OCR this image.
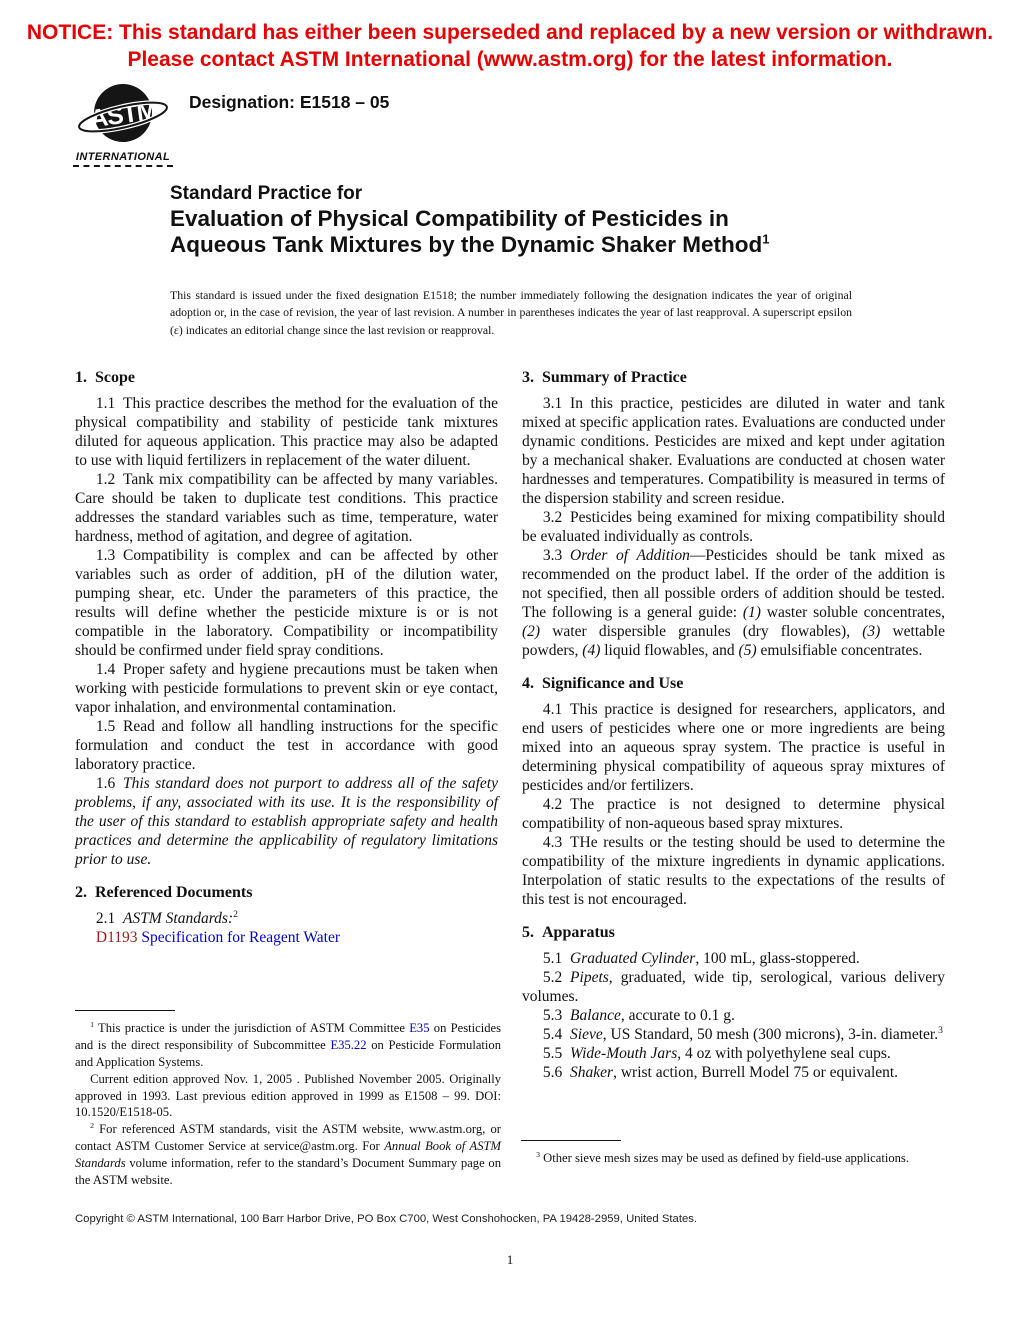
NOTICE: This standard has either been superseded and replaced by a new version or withdrawn.
Please contact ASTM International (www.astm.org) for the latest information.
ASTM
INTERNATIONAL
Designation: E1518 – 05
Standard Practice for
Evaluation of Physical Compatibility of Pesticides in
Aqueous Tank Mixtures by the Dynamic Shaker Method$^1$
This standard is issued under the fixed designation E1518; the number immediately following the designation indicates the year of original adoption or, in the case of revision, the year of last revision. A number in parentheses indicates the year of last reapproval. A superscript epsilon (ε) indicates an editorial change since the last revision or reapproval.
1. Scope

1.1 This practice describes the method for the evaluation of the physical compatibility and stability of pesticide tank mixtures diluted for aqueous application. This practice may also be adapted to use with liquid fertilizers in replacement of the water diluent.

1.2 Tank mix compatibility can be affected by many variables. Care should be taken to duplicate test conditions. This practice addresses the standard variables such as time, temperature, water hardness, method of agitation, and degree of agitation.

1.3 Compatibility is complex and can be affected by other variables such as order of addition, pH of the dilution water, pumping shear, etc. Under the parameters of this practice, the results will define whether the pesticide mixture is or is not compatible in the laboratory. Compatibility or incompatibility should be confirmed under field spray conditions.

1.4 Proper safety and hygiene precautions must be taken when working with pesticide formulations to prevent skin or eye contact, vapor inhalation, and environmental contamination.

1.5 Read and follow all handling instructions for the specific formulation and conduct the test in accordance with good laboratory practice.

1.6 This standard does not purport to address all of the safety problems, if any, associated with its use. It is the responsibility of the user of this standard to establish appropriate safety and health practices and determine the applicability of regulatory limitations prior to use.

2. Referenced Documents

2.1 ASTM Standards:$^2$

D1193 Specification for Reagent Water

3. Summary of Practice

3.1 In this practice, pesticides are diluted in water and tank mixed at specific application rates. Evaluations are conducted under dynamic conditions. Pesticides are mixed and kept under agitation by a mechanical shaker. Evaluations are conducted at chosen water hardnesses and temperatures. Compatibility is measured in terms of the dispersion stability and screen residue.

3.2 Pesticides being examined for mixing compatibility should be evaluated individually as controls.

3.3 Order of Addition—Pesticides should be tank mixed as recommended on the product label. If the order of the addition is not specified, then all possible orders of addition should be tested. The following is a general guide: (1) waster soluble concentrates, (2) water dispersible granules (dry flowables), (3) wettable powders, (4) liquid flowables, and (5) emulsifiable concentrates.

4. Significance and Use

4.1 This practice is designed for researchers, applicators, and end users of pesticides where one or more ingredients are being mixed into an aqueous spray system. The practice is useful in determining physical compatibility of aqueous spray mixtures of pesticides and/or fertilizers.

4.2 The practice is not designed to determine physical compatibility of non-aqueous based spray mixtures.

4.3 THe results or the testing should be used to determine the compatibility of the mixture ingredients in dynamic applications. Interpolation of static results to the expectations of the results of this test is not encouraged.

5. Apparatus

5.1 Graduated Cylinder, 100 mL, glass-stoppered.

5.2 Pipets, graduated, wide tip, serological, various delivery volumes.

5.3 Balance, accurate to 0.1 g.

5.4 Sieve, US Standard, 50 mesh (300 microns), 3-in. diameter.$^3$

5.5 Wide-Mouth Jars, 4 oz with polyethylene seal cups.

5.6 Shaker, wrist action, Burrell Model 75 or equivalent.

$^1$ This practice is under the jurisdiction of ASTM Committee E35 on Pesticides and is the direct responsibility of Subcommittee E35.22 on Pesticide Formulation and Application Systems.

Current edition approved Nov. 1, 2005 . Published November 2005. Originally approved in 1993. Last previous edition approved in 1999 as E1508 – 99. DOI: 10.1520/E1518-05.

$^2$ For referenced ASTM standards, visit the ASTM website, www.astm.org, or contact ASTM Customer Service at service@astm.org. For Annual Book of ASTM Standards volume information, refer to the standard’s Document Summary page on the ASTM website.

$^3$ Other sieve mesh sizes may be used as defined by field-use applications.

Copyright © ASTM International, 100 Barr Harbor Drive, PO Box C700, West Conshohocken, PA 19428-2959, United States.
1
